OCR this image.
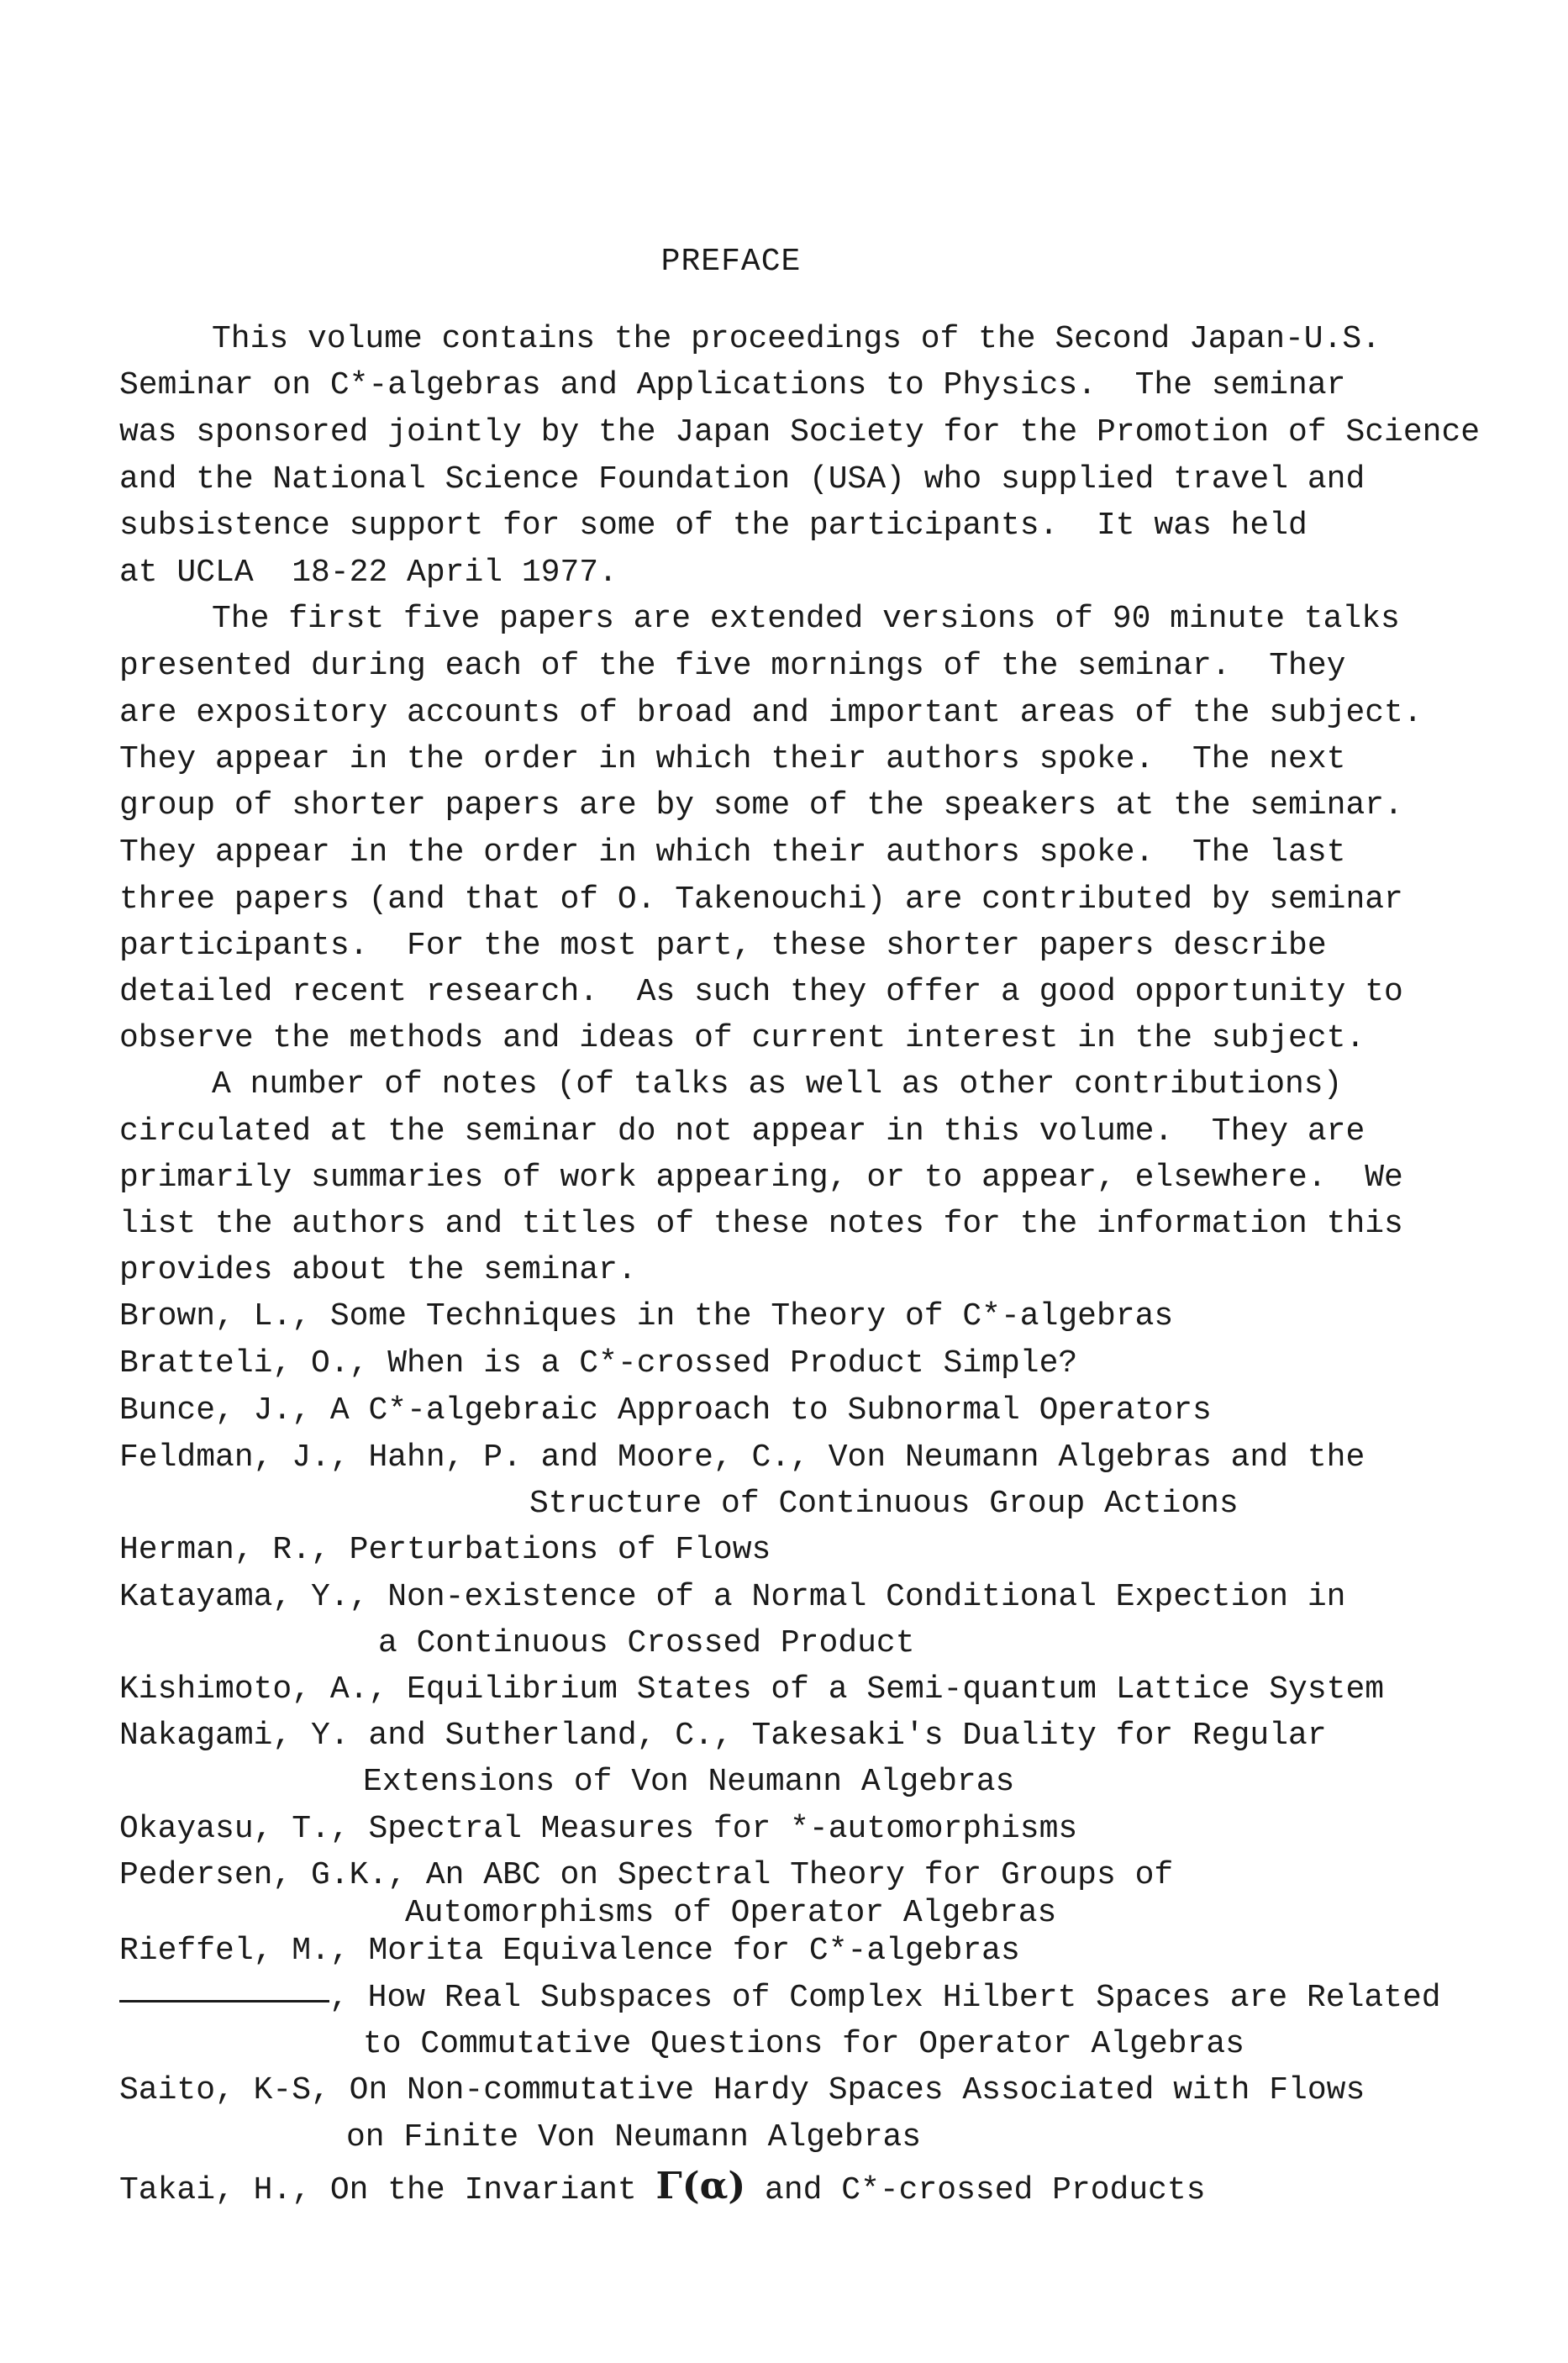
PREFACE
This volume contains the proceedings of the Second Japan-U.S.
Seminar on C*-algebras and Applications to Physics.  The seminar
was sponsored jointly by the Japan Society for the Promotion of Science
and the National Science Foundation (USA) who supplied travel and
subsistence support for some of the participants.  It was held
at UCLA  18-22 April 1977.
The first five papers are extended versions of 90 minute talks
presented during each of the five mornings of the seminar.  They
are expository accounts of broad and important areas of the subject.
They appear in the order in which their authors spoke.  The next
group of shorter papers are by some of the speakers at the seminar.
They appear in the order in which their authors spoke.  The last
three papers (and that of O. Takenouchi) are contributed by seminar
participants.  For the most part, these shorter papers describe
detailed recent research.  As such they offer a good opportunity to
observe the methods and ideas of current interest in the subject.
A number of notes (of talks as well as other contributions)
circulated at the seminar do not appear in this volume.  They are
primarily summaries of work appearing, or to appear, elsewhere.  We
list the authors and titles of these notes for the information this
provides about the seminar.
Brown, L., Some Techniques in the Theory of C*-algebras
Bratteli, O., When is a C*-crossed Product Simple?
Bunce, J., A C*-algebraic Approach to Subnormal Operators
Feldman, J., Hahn, P. and Moore, C., Von Neumann Algebras and the
Structure of Continuous Group Actions
Herman, R., Perturbations of Flows
Katayama, Y., Non-existence of a Normal Conditional Expection in
a Continuous Crossed Product
Kishimoto, A., Equilibrium States of a Semi-quantum Lattice System
Nakagami, Y. and Sutherland, C., Takesaki's Duality for Regular
Extensions of Von Neumann Algebras
Okayasu, T., Spectral Measures for *-automorphisms
Pedersen, G.K., An ABC on Spectral Theory for Groups of
Automorphisms of Operator Algebras
Rieffel, M., Morita Equivalence for C*-algebras
, How Real Subspaces of Complex Hilbert Spaces are Related
to Commutative Questions for Operator Algebras
Saito, K-S, On Non-commutative Hardy Spaces Associated with Flows
on Finite Von Neumann Algebras
Takai, H., On the Invariant Γ(α) and C*-crossed Products
